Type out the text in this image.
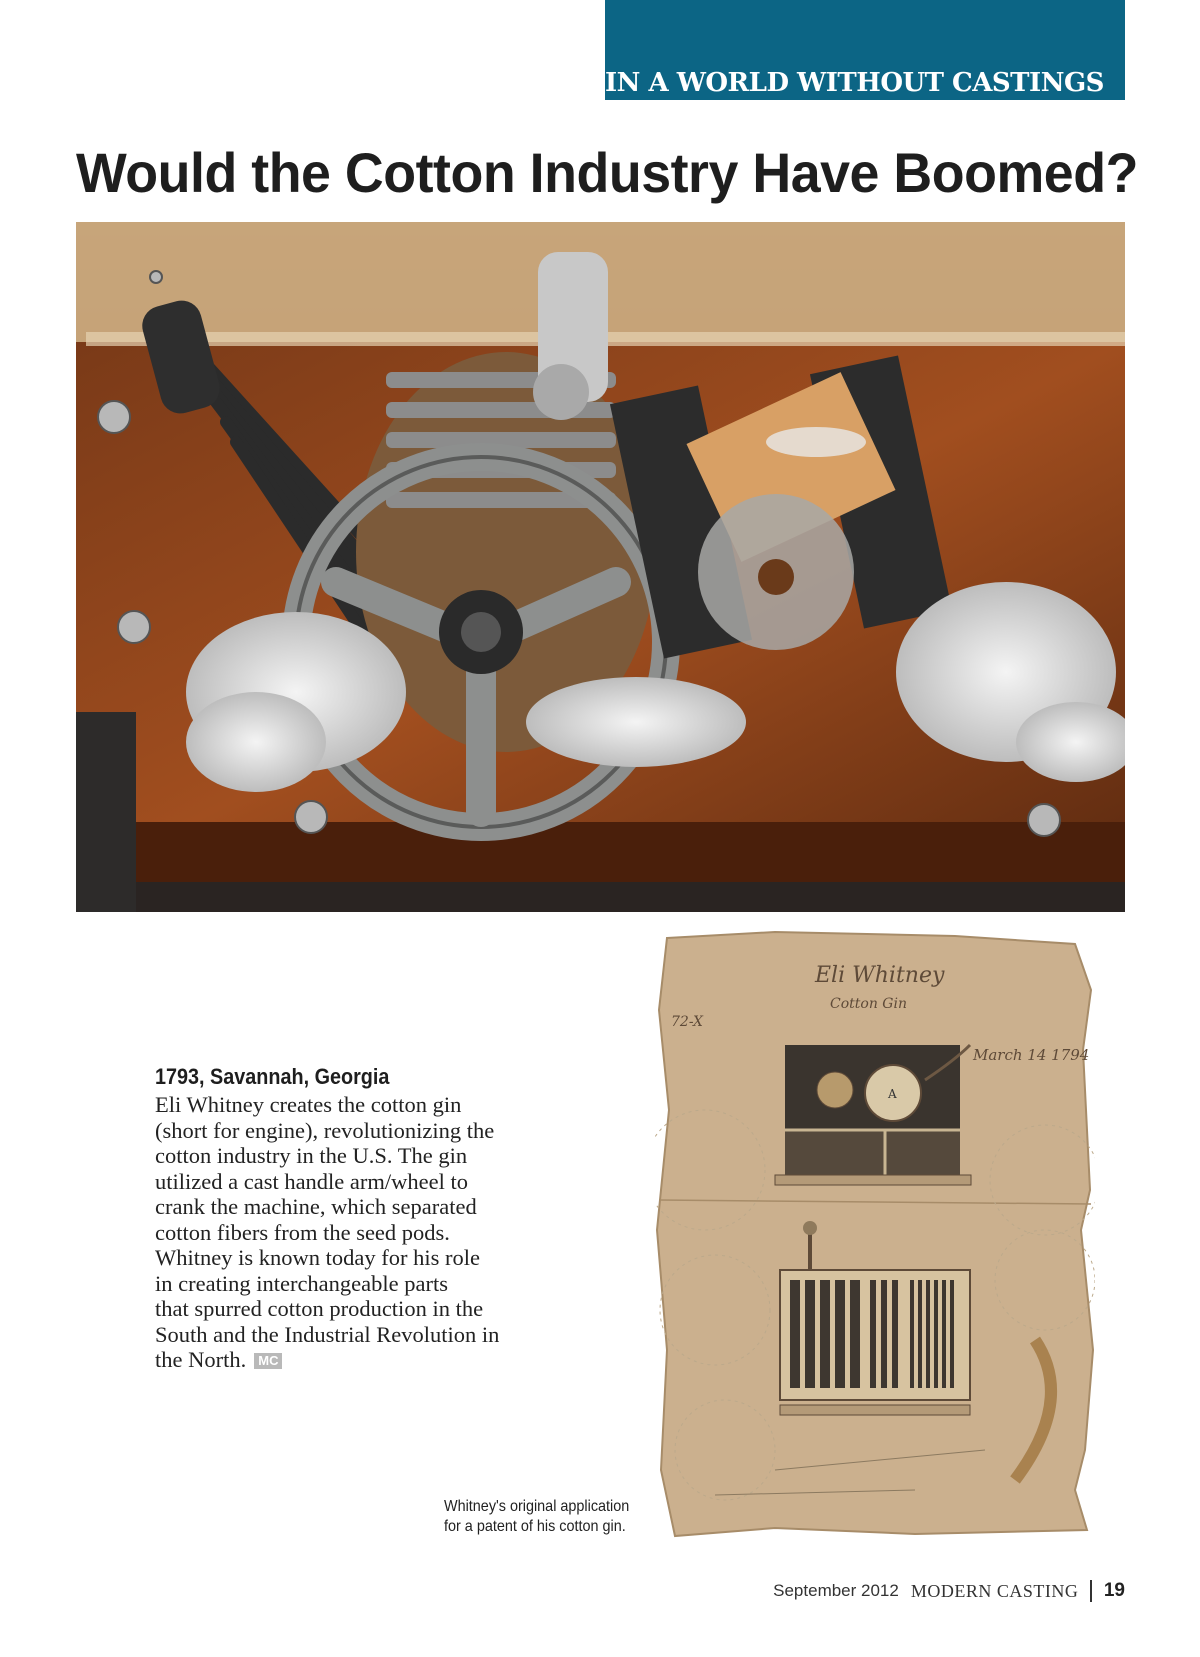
IN A WORLD WITHOUT CASTINGS
Would the Cotton Industry Have Boomed?
Eli Whitney
Cotton Gin
72-X
March 14 1794
A

1793, Savannah, Georgia

Eli Whitney creates the cotton gin
(short for engine), revolutionizing the
cotton industry in the U.S. The gin
utilized a cast handle arm/wheel to
crank the machine, which separated
cotton fibers from the seed pods.
Whitney is known today for his role
in creating interchangeable parts
that spurred cotton production in the
South and the Industrial Revolution in
the North. MC

Whitney's original application
for a patent of his cotton gin.
September 2012 MODERN CASTING 19
